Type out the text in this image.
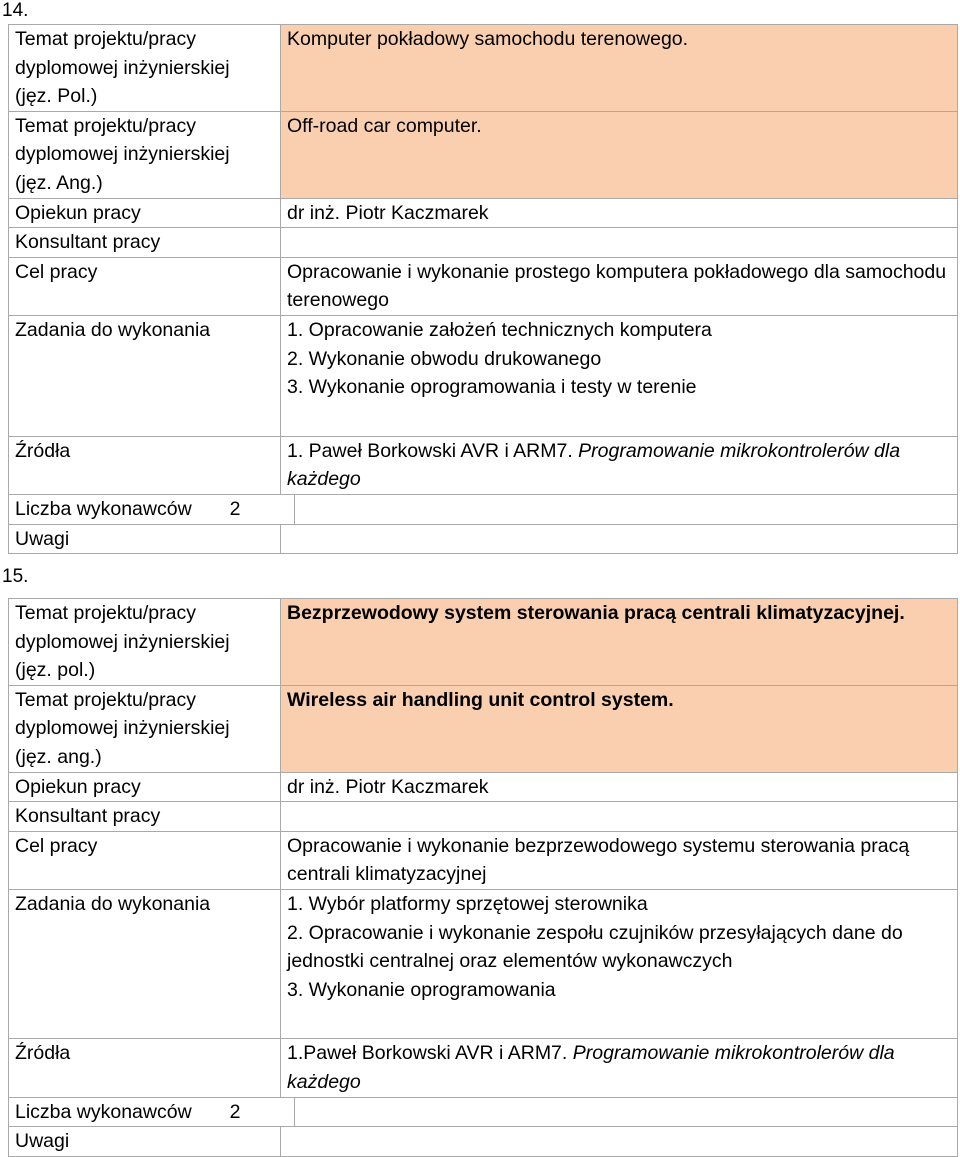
14.
Temat projektu/pracy dyplomowej inżynierskiej (jęz. Pol.)	Komputer pokładowy samochodu terenowego.	
Temat projektu/pracy dyplomowej inżynierskiej (jęz. Ang.)	Off-road car computer.	
Opiekun pracy	dr inż. Piotr Kaczmarek	
Konsultant pracy		
Cel pracy	Opracowanie i wykonanie prostego komputera pokładowego dla samochodu terenowego	
Zadania do wykonania	1. Opracowanie założeń technicznych komputera
2. Wykonanie obwodu drukowanego
3. Wykonanie oprogramowania i testy w terenie	

Źródła	1. Paweł Borkowski AVR i ARM7. Programowanie mikrokontrolerów dla każdego	
Liczba wykonawców 2		
Uwagi		
15.
Temat projektu/pracy dyplomowej inżynierskiej (jęz. pol.)	Bezprzewodowy system sterowania pracą centrali klimatyzacyjnej.	
Temat projektu/pracy dyplomowej inżynierskiej (jęz. ang.)	Wireless air handling unit control system.	
Opiekun pracy	dr inż. Piotr Kaczmarek	
Konsultant pracy		
Cel pracy	Opracowanie i wykonanie bezprzewodowego systemu sterowania pracą centrali klimatyzacyjnej	
Zadania do wykonania	1. Wybór platformy sprzętowej sterownika
2. Opracowanie i wykonanie zespołu czujników przesyłających dane do jednostki centralnej oraz elementów wykonawczych
3. Wykonanie oprogramowania	

Źródła	1.Paweł Borkowski AVR i ARM7. Programowanie mikrokontrolerów dla każdego	
Liczba wykonawców 2		
Uwagi		
